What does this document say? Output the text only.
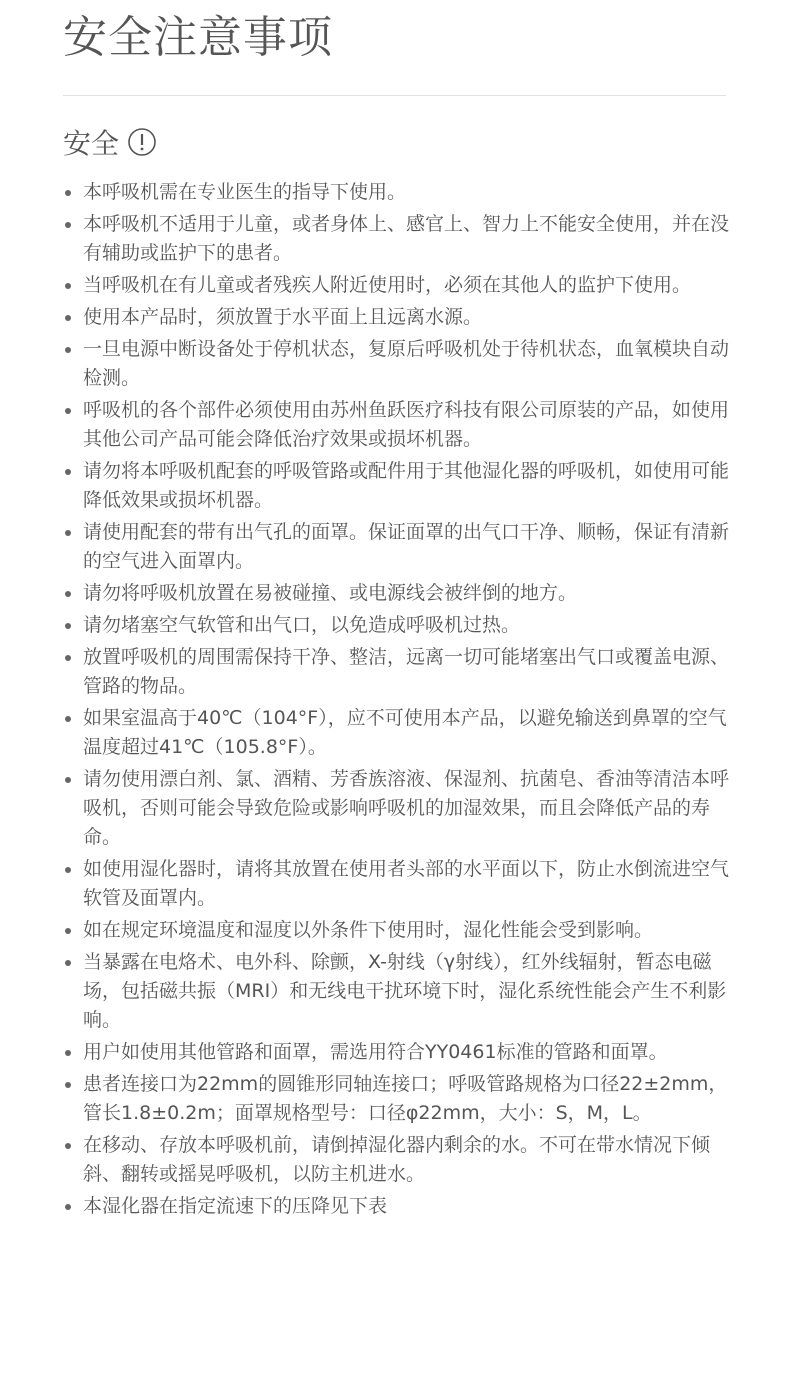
安全注意事项
安全
本呼吸机需在专业医生的指导下使用。
本呼吸机不适用于儿童，或者身体上、感官上、智力上不能安全使用，并在没有辅助或监护下的患者。
当呼吸机在有儿童或者残疾人附近使用时，必须在其他人的监护下使用。
使用本产品时，须放置于水平面上且远离水源。
一旦电源中断设备处于停机状态，复原后呼吸机处于待机状态，血氧模块自动检测。
呼吸机的各个部件必须使用由苏州鱼跃医疗科技有限公司原装的产品，如使用其他公司产品可能会降低治疗效果或损坏机器。
请勿将本呼吸机配套的呼吸管路或配件用于其他湿化器的呼吸机，如使用可能降低效果或损坏机器。
请使用配套的带有出气孔的面罩。保证面罩的出气口干净、顺畅，保证有清新的空气进入面罩内。
请勿将呼吸机放置在易被碰撞、或电源线会被绊倒的地方。
请勿堵塞空气软管和出气口，以免造成呼吸机过热。
放置呼吸机的周围需保持干净、整洁，远离一切可能堵塞出气口或覆盖电源、管路的物品。
如果室温高于40℃（104°F），应不可使用本产品，以避免输送到鼻罩的空气温度超过41℃（105.8°F）。
请勿使用漂白剂、氯、酒精、芳香族溶液、保湿剂、抗菌皂、香油等清洁本呼吸机，否则可能会导致危险或影响呼吸机的加湿效果，而且会降低产品的寿命。
如使用湿化器时，请将其放置在使用者头部的水平面以下，防止水倒流进空气软管及面罩内。
如在规定环境温度和湿度以外条件下使用时，湿化性能会受到影响。
当暴露在电烙术、电外科、除颤，X-射线（γ射线），红外线辐射，暂态电磁场，包括磁共振（MRI）和无线电干扰环境下时，湿化系统性能会产生不利影响。
用户如使用其他管路和面罩，需选用符合YY0461标准的管路和面罩。
患者连接口为22mm的圆锥形同轴连接口；呼吸管路规格为口径22±2mm，管长1.8±0.2m；面罩规格型号：口径φ22mm，大小：S，M，L。
在移动、存放本呼吸机前，请倒掉湿化器内剩余的水。不可在带水情况下倾斜、翻转或摇晃呼吸机，以防主机进水。
本湿化器在指定流速下的压降见下表
